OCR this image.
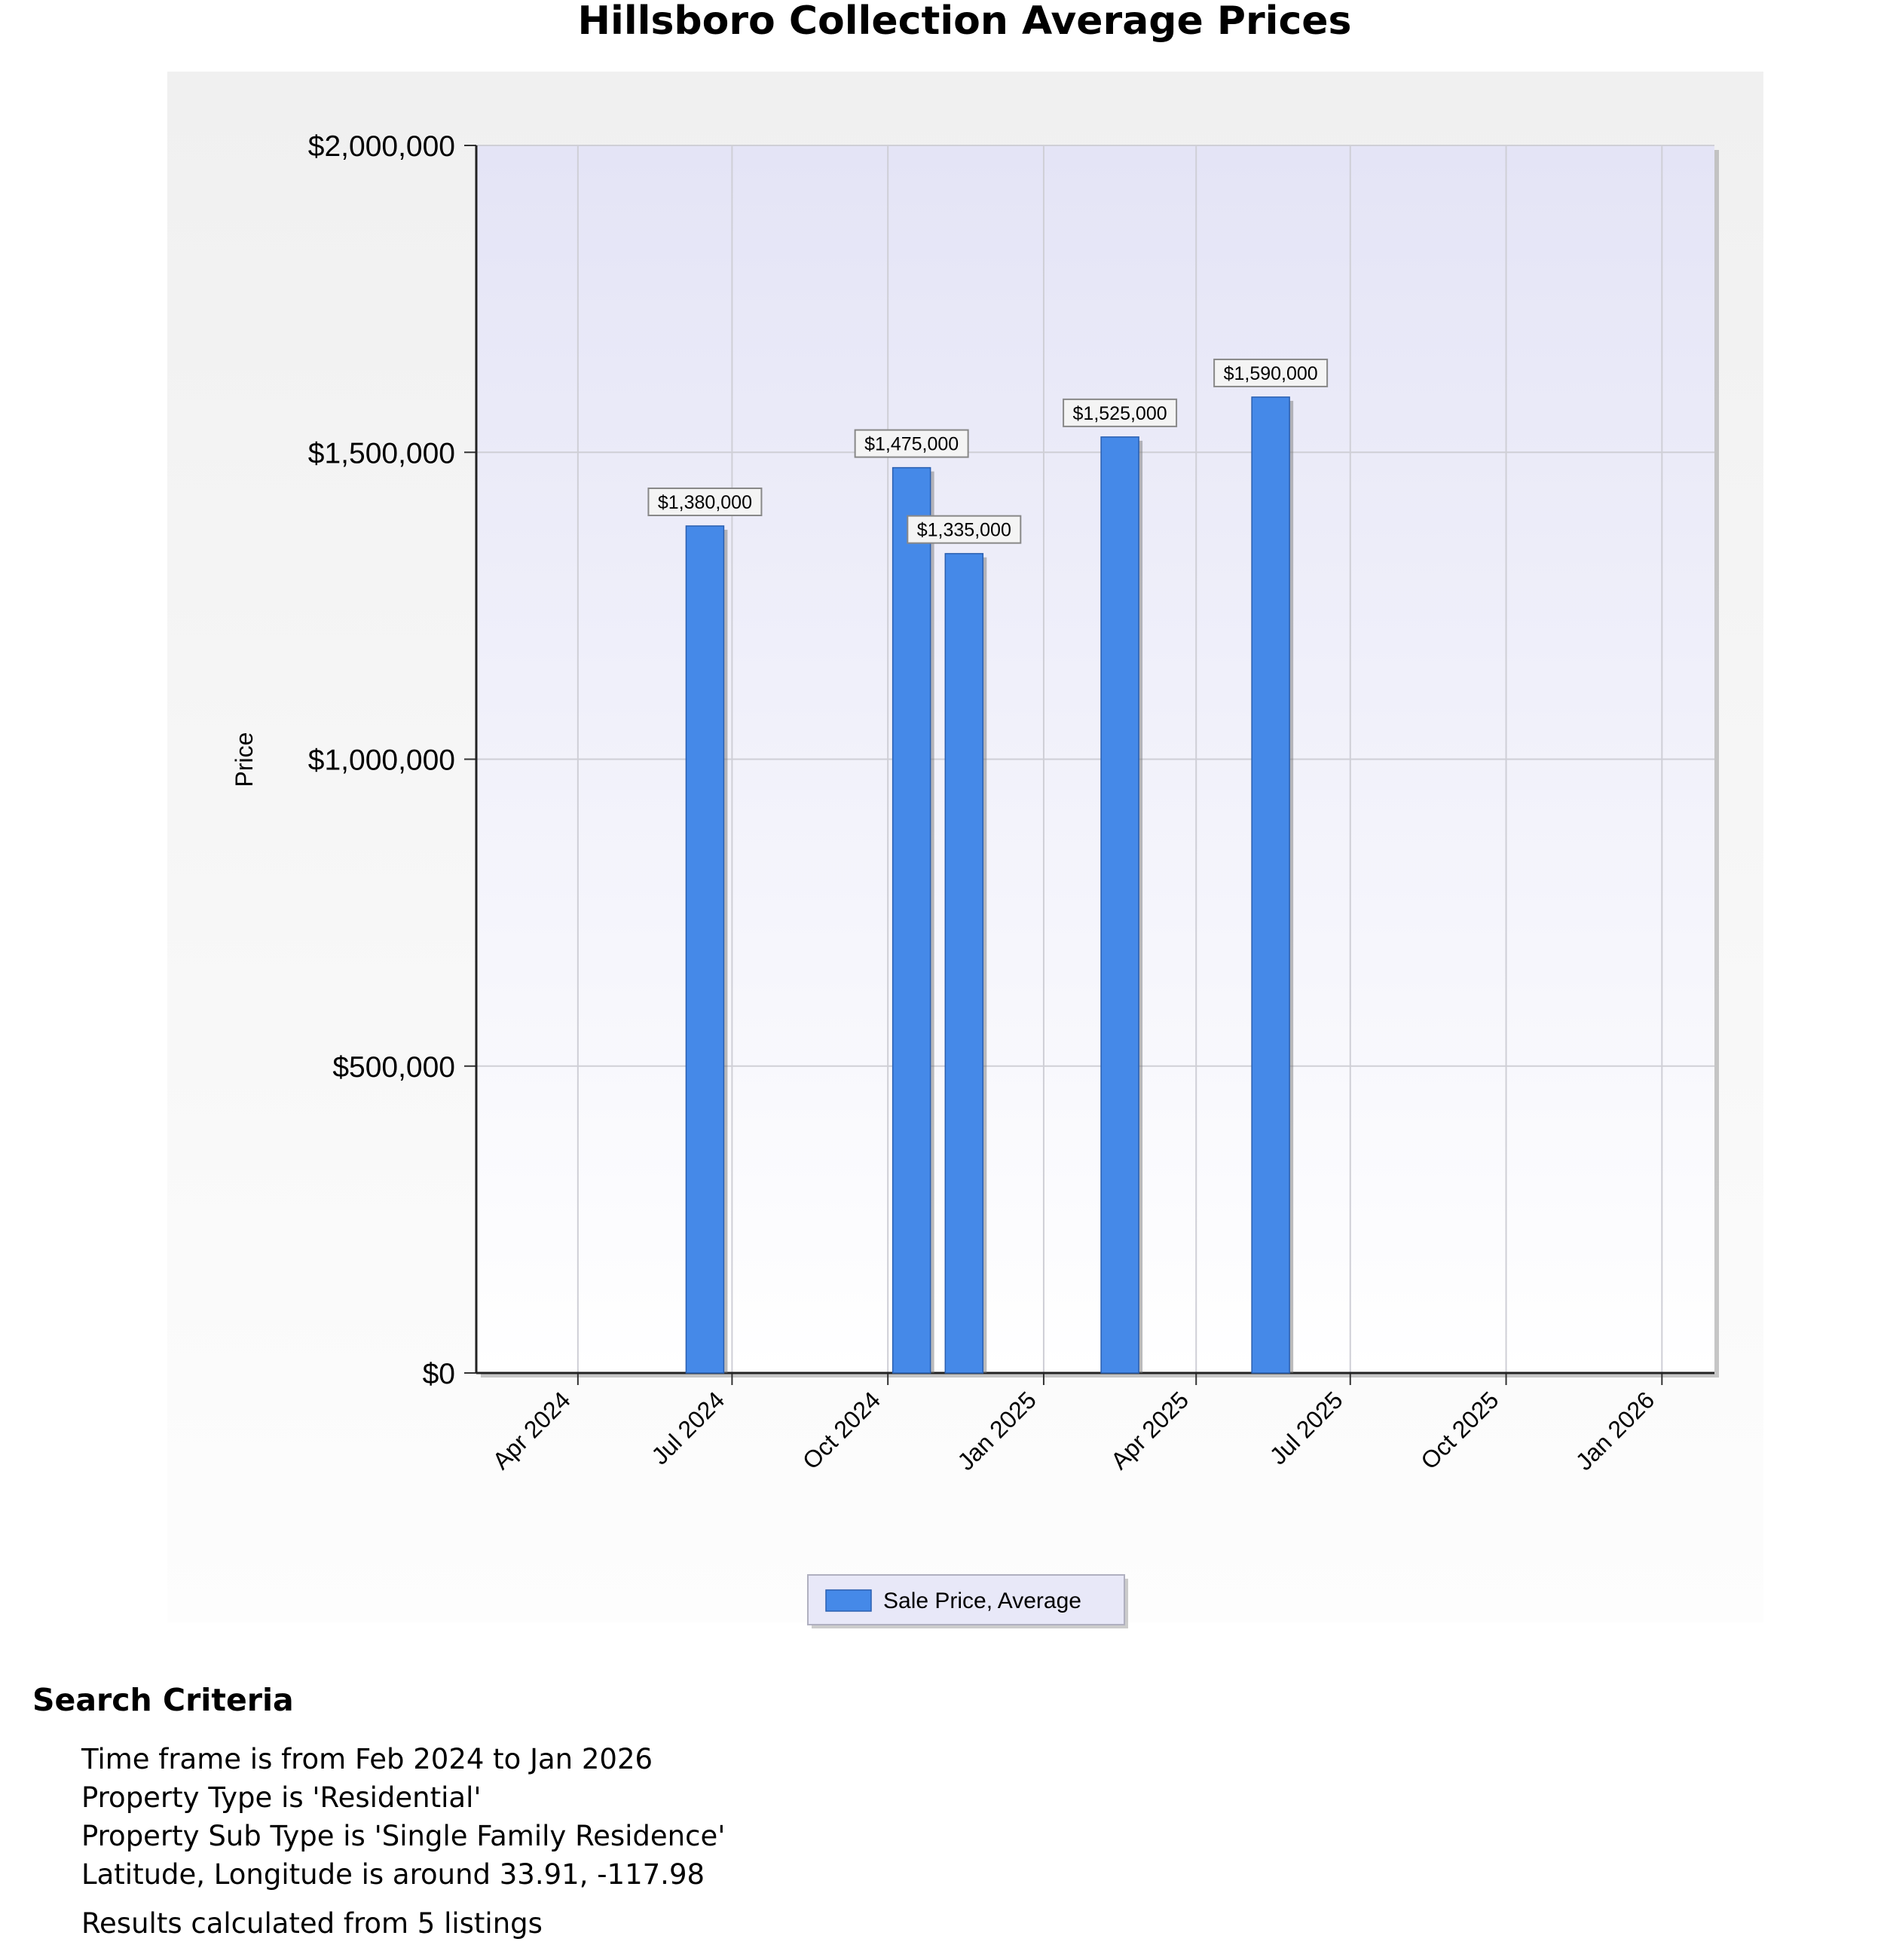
Hillsboro Collection Average Prices
$0
$500,000
$1,000,000
$1,500,000
$2,000,000
Apr 2024	Jul 2024	Oct 2024	Jan 2025	Apr 2025	Jul 2025	Oct 2025	Jan 2026
Price
$1,380,000
$1,475,000
$1,335,000
$1,525,000
$1,590,000
Sale Price, Average
Search Criteria
Time frame is from Feb 2024 to Jan 2026
Property Type is 'Residential'
Property Sub Type is 'Single Family Residence'
Latitude, Longitude is around 33.91, -117.98
Results calculated from 5 listings
